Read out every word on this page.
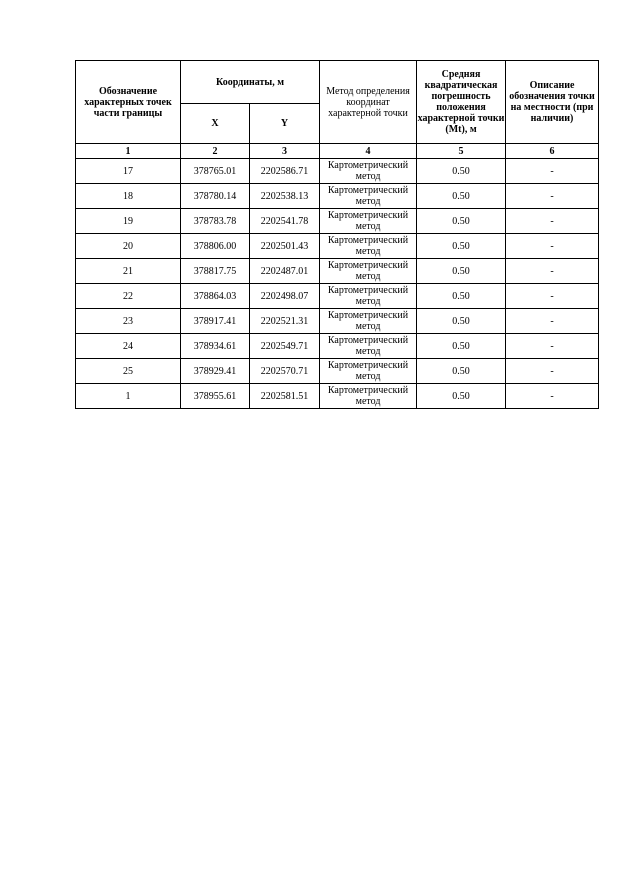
Обозначение характерных точек части границы	Координаты, м		Метод определения координат характерной точки	Средняя квадратическая погрешность положения характерной точки (Mt), м	Описание обозначения точки на местности (при наличии)
	X	Y			
1	2	3	4	5	6
17	378765.01	2202586.71	Картометрический метод	0.50	-
18	378780.14	2202538.13	Картометрический метод	0.50	-
19	378783.78	2202541.78	Картометрический метод	0.50	-
20	378806.00	2202501.43	Картометрический метод	0.50	-
21	378817.75	2202487.01	Картометрический метод	0.50	-
22	378864.03	2202498.07	Картометрический метод	0.50	-
23	378917.41	2202521.31	Картометрический метод	0.50	-
24	378934.61	2202549.71	Картометрический метод	0.50	-
25	378929.41	2202570.71	Картометрический метод	0.50	-
1	378955.61	2202581.51	Картометрический метод	0.50	-
